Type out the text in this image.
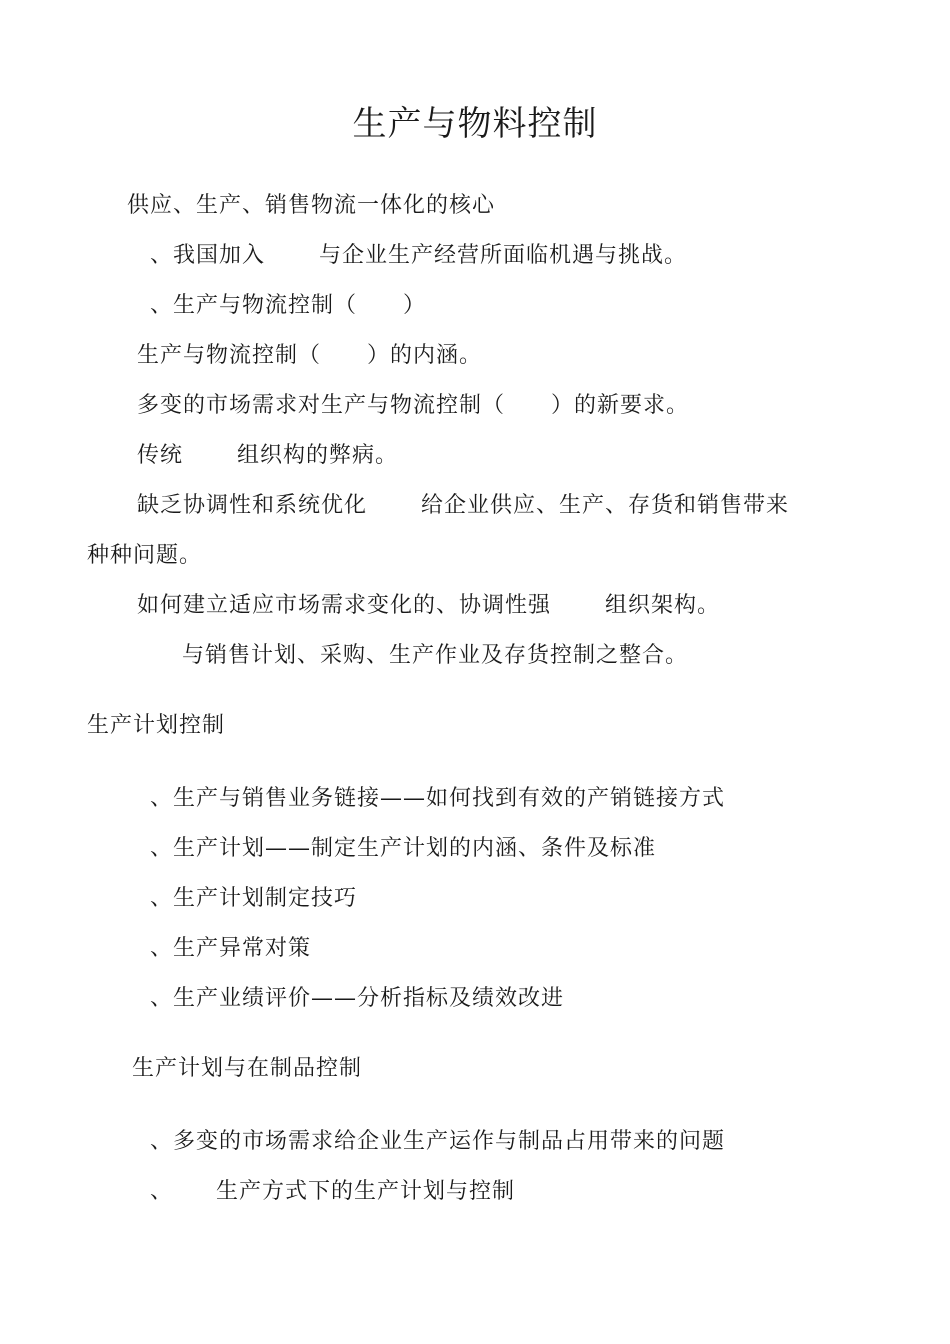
生产与物料控制
供应、生产、销售物流一体化的核心
、我国加入　　 与企业生产经营所面临机遇与挑战。
、生产与物流控制（　　）
生产与物流控制（　　）的内涵。
多变的市场需求对生产与物流控制（　　）的新要求。
传统　　 组织构的弊病。
缺乏协调性和系统优化　　 给企业供应、生产、存货和销售带来
种种问题。
如何建立适应市场需求变化的、协调性强　　 组织架构。
与销售计划、采购、生产作业及存货控制之整合。
生产计划控制
、生产与销售业务链接——如何找到有效的产销链接方式
、生产计划——制定生产计划的内涵、条件及标准
、生产计划制定技巧
、生产异常对策
、生产业绩评价——分析指标及绩效改进
生产计划与在制品控制
、多变的市场需求给企业生产运作与制品占用带来的问题
、　　 生产方式下的生产计划与控制
